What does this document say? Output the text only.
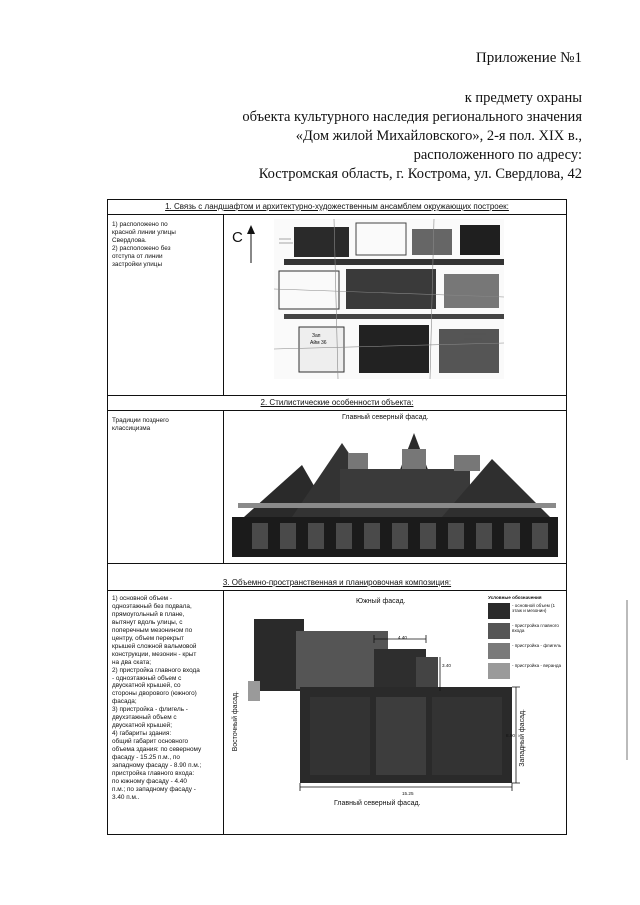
Приложение №1
к предмету охраны
объекта культурного наследия регионального значения
«Дом жилой Михайловского», 2-я пол. XIX в.,
расположенного по адресу:
Костромская область, г. Кострома, ул. Свердлова, 42
1. Связь с ландшафтом и архитектурно-художественным ансамблем окружающих построек:
1) расположено по
красной линии улицы
Свердлова.
2) расположено без
отступа от линии
застройки улицы
С
Зап
Айм 36
2. Стилистические особенности объекта:
Традиции позднего
классицизма
Главный северный фасад.
3. Объемно-пространственная и планировочная композиция:
1) основной объем -
одноэтажный без подвала,
прямоугольный в плане,
вытянут вдоль улицы, с
поперечным мезонином по
центру, объем перекрыт
крышей сложной вальмовой
конструкции, мезонин - крыт
на два ската;
2) пристройка главного входа
- одноэтажный объем с
двускатной крышей, со
стороны дворового (южного)
фасада;
3) пристройка - флигель -
двухэтажный объем с
двускатной крышей;
4) габариты здания:
общий габарит основного
объема здания: по северному
фасаду - 15.25 п.м., по
западному фасаду - 8.90 п.м.;
пристройка главного входа:
по южному фасаду - 4.40
п.м.; по западному фасаду -
3.40 п.м..
Южный фасад.
Главный северный фасад.
Восточный фасад.	Западный фасад.
4.40
15.25
3.40
8.90
Условные обозначения
- основной объем (1 этаж и мезонин)
- пристройка главного входа
- пристройка - флигель
- пристройка - веранда
